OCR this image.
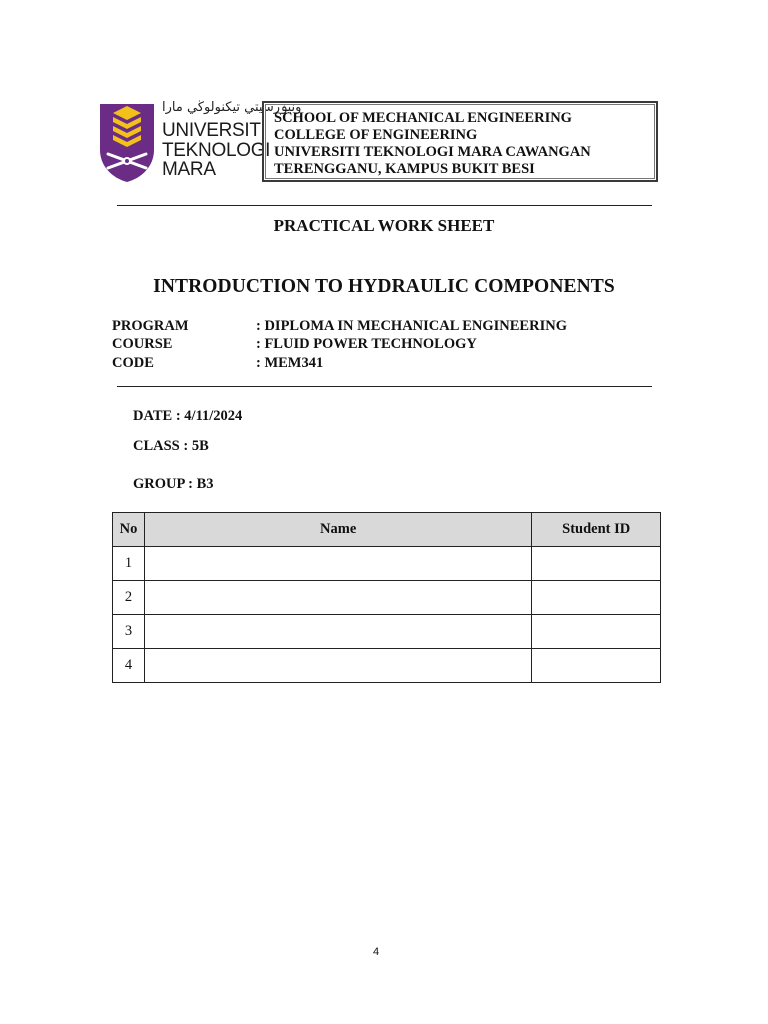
ونيۏرسيتي تيكنولوڬي مارا
UNIVERSITI
TEKNOLOGI
MARA
SCHOOL OF MECHANICAL ENGINEERING
COLLEGE OF ENGINEERING
UNIVERSITI TEKNOLOGI MARA CAWANGAN
TERENGGANU, KAMPUS BUKIT BESI
PRACTICAL WORK SHEET
INTRODUCTION TO HYDRAULIC COMPONENTS
PROGRAM	: DIPLOMA IN MECHANICAL ENGINEERING
COURSE	: FLUID POWER TECHNOLOGY
CODE	: MEM341
DATE : 4/11/2024
CLASS : 5B
GROUP : B3
No	Name	Student ID
1		
2		
3		
4		
4
